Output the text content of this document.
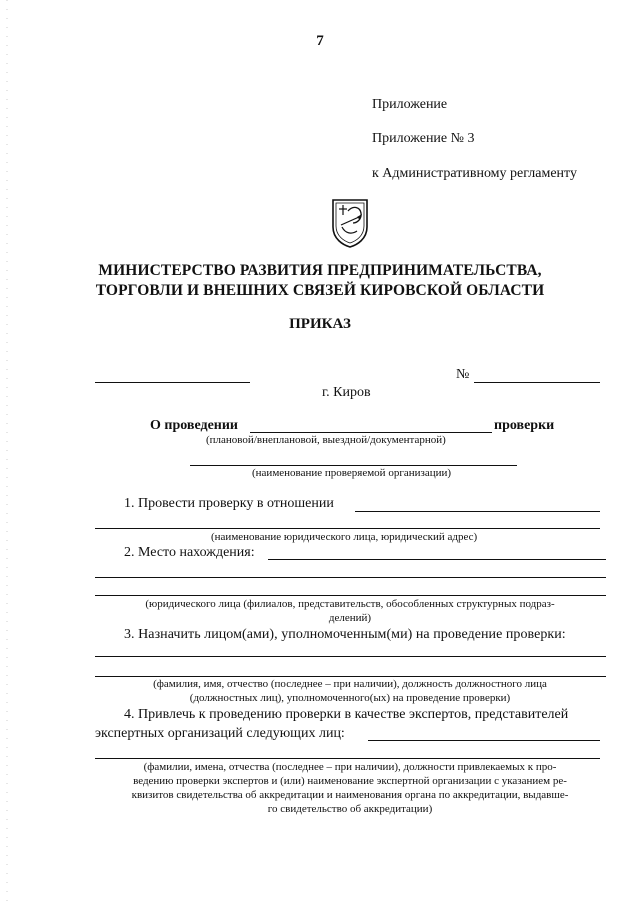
7
Приложение
Приложение № 3
к Административному регламенту
МИНИСТЕРСТВО РАЗВИТИЯ ПРЕДПРИНИМАТЕЛЬСТВА,
ТОРГОВЛИ И ВНЕШНИХ СВЯЗЕЙ КИРОВСКОЙ ОБЛАСТИ
ПРИКАЗ
№
г. Киров
О проведении	проверки
(плановой/внеплановой, выездной/документарной)
(наименование проверяемой организации)
1. Провести проверку в отношении
(наименование юридического лица, юридический адрес)
2. Место нахождения:
(юридического лица (филиалов, представительств, обособленных структурных подраз-
делений)
3. Назначить лицом(ами), уполномоченным(ми) на проведение проверки:
(фамилия, имя, отчество (последнее – при наличии), должность должностного лица
(должностных лиц), уполномоченного(ых) на проведение проверки)
4. Привлечь к проведению проверки в качестве экспертов, представителей
экспертных организаций следующих лиц:
(фамилии, имена, отчества (последнее – при наличии), должности привлекаемых к про-
ведению проверки экспертов и (или) наименование экспертной организации с указанием ре-
квизитов свидетельства об аккредитации и наименования органа по аккредитации, выдавше-
го свидетельство об аккредитации)
